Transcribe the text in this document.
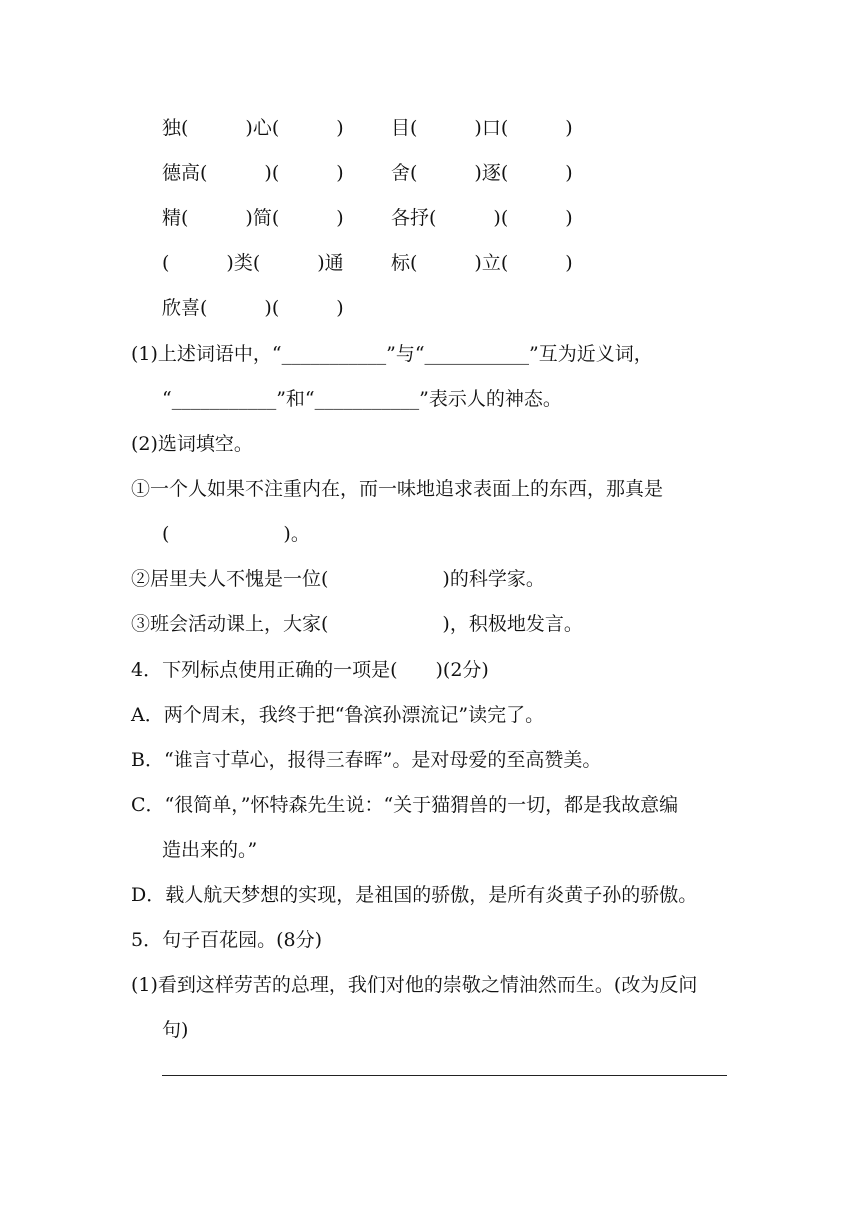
独(　　　)心(　　　) 目(　　　)口(　　　)
德高(　　　)(　　　) 舍(　　　)逐(　　　)
精(　　　)简(　　　) 各抒(　　　)(　　　)
(　　　)类(　　　)通 标(　　　)立(　　　)
欣喜(　　　)(　　　)
(1)上述词语中，“___________”与“___________”互为近义词，
“___________”和“___________”表示人的神态。
(2)选词填空。
①一个人如果不注重内在，而一味地追求表面上的东西，那真是
(　　　　　　)。
②居里夫人不愧是一位(　　　　　　)的科学家。
③班会活动课上，大家(　　　　　　)，积极地发言。
4．下列标点使用正确的一项是(　　)(2分)
A．两个周末，我终于把“鲁滨孙漂流记”读完了。
B．“谁言寸草心，报得三春晖”。是对母爱的至高赞美。
C．“很简单，”怀特森先生说：“关于猫猬兽的一切，都是我故意编
造出来的。”
D．载人航天梦想的实现，是祖国的骄傲，是所有炎黄子孙的骄傲。
5．句子百花园。(8分)
(1)看到这样劳苦的总理，我们对他的崇敬之情油然而生。(改为反问
句)
